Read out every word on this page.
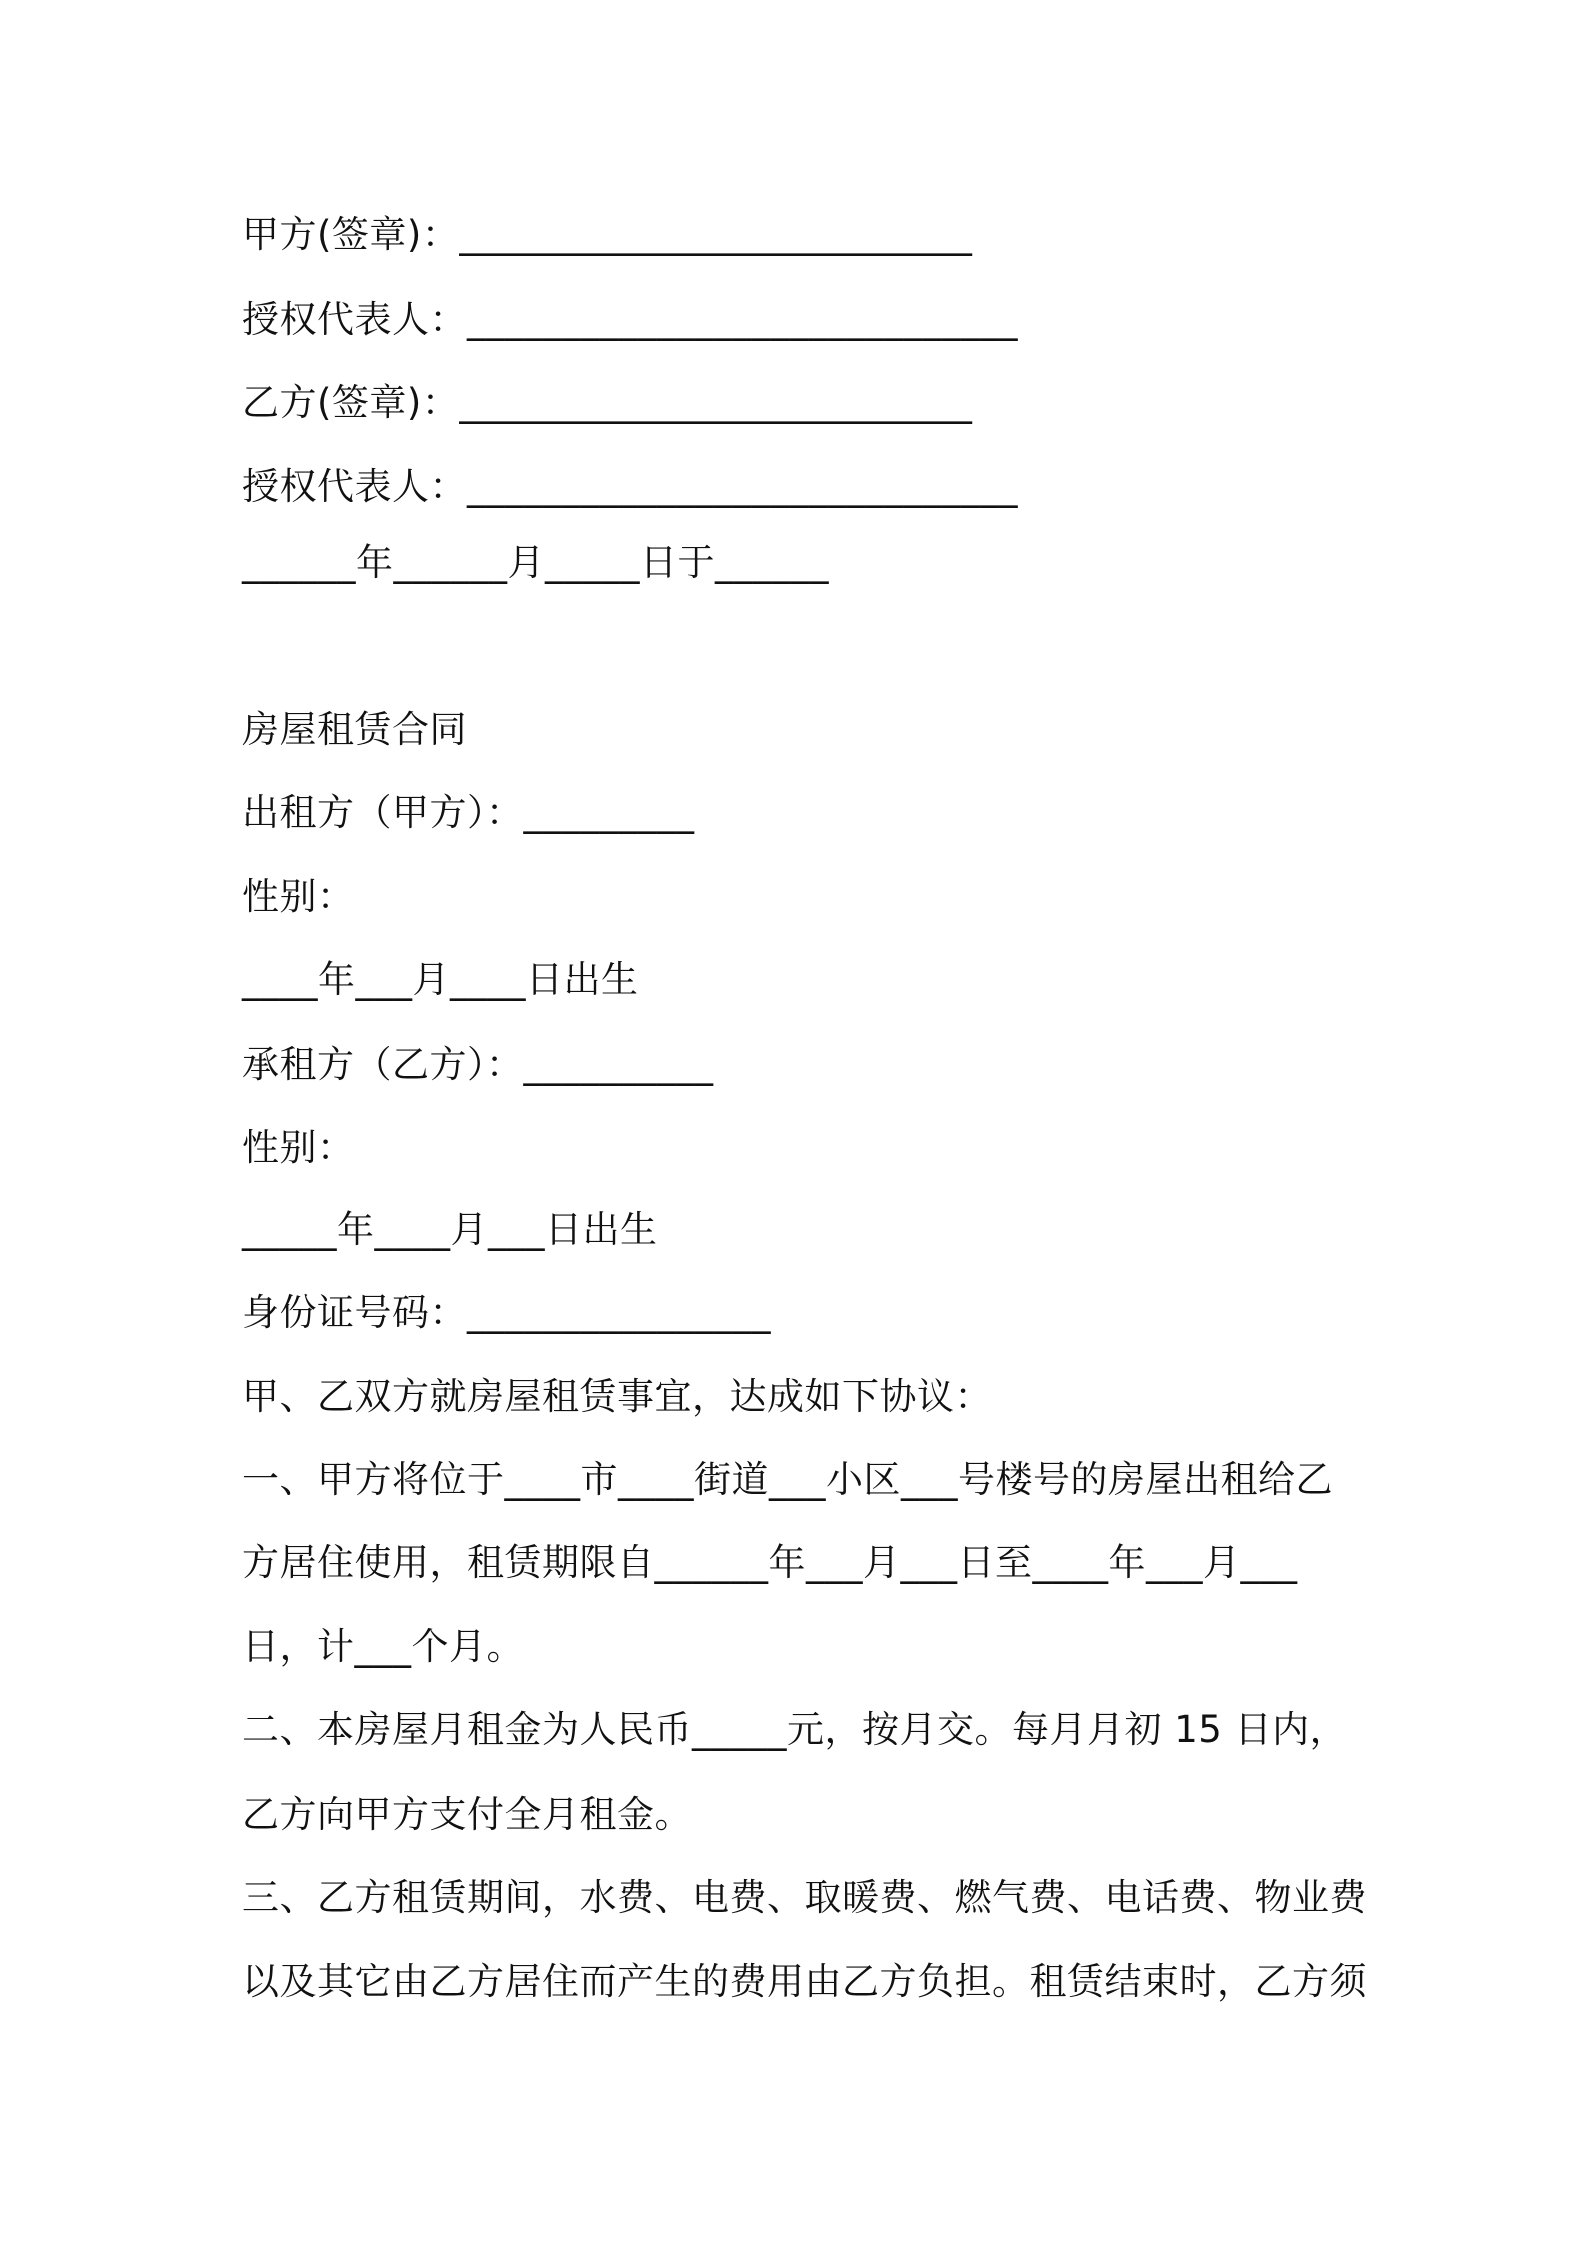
甲方(签章)：___________________________
授权代表人：_____________________________
乙方(签章)：___________________________
授权代表人：_____________________________
______年______月_____日于______
房屋租赁合同
出租方（甲方）：_________
性别：
____年___月____日出生
承租方（乙方）：__________
性别：
_____年____月___日出生
身份证号码：________________
甲、乙双方就房屋租赁事宜，达成如下协议：
一、甲方将位于____市____街道___小区___号楼号的房屋出租给乙
方居住使用，租赁期限自______年___月___日至____年___月___
日，计___个月。
二、本房屋月租金为人民币_____元，按月交。每月月初 15 日内，
乙方向甲方支付全月租金。
三、乙方租赁期间，水费、电费、取暖费、燃气费、电话费、物业费
以及其它由乙方居住而产生的费用由乙方负担。租赁结束时，乙方须
